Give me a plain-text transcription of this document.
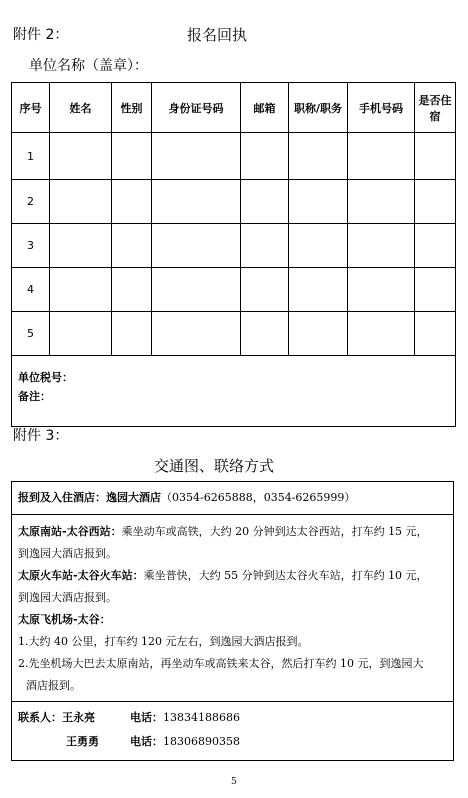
附件 2：	报名回执
单位名称（盖章）：
序号	姓名	性别	身份证号码	邮箱	职称/职务	手机号码	是否住宿
1							
2							
3							
4							
5							

单位税号：
备注：							
附件 3：
交通图、联络方式
报到及入住酒店：逸园大酒店（0354-6265888，0354-6265999）
太原南站-太谷西站：乘坐动车或高铁，大约 20 分钟到达太谷西站，打车约 15 元，
到逸园大酒店报到。
太原火车站-太谷火车站：乘坐普快，大约 55 分钟到达太谷火车站，打车约 10 元，
到逸园大酒店报到。
太原飞机场-太谷：
1.大约 40 公里，打车约 120 元左右，到逸园大酒店报到。
2.先坐机场大巴去太原南站，再坐动车或高铁来太谷，然后打车约 10 元，到逸园大
酒店报到。
联系人：王永亮	电话：13834188686
王勇勇	电话：18306890358
5
